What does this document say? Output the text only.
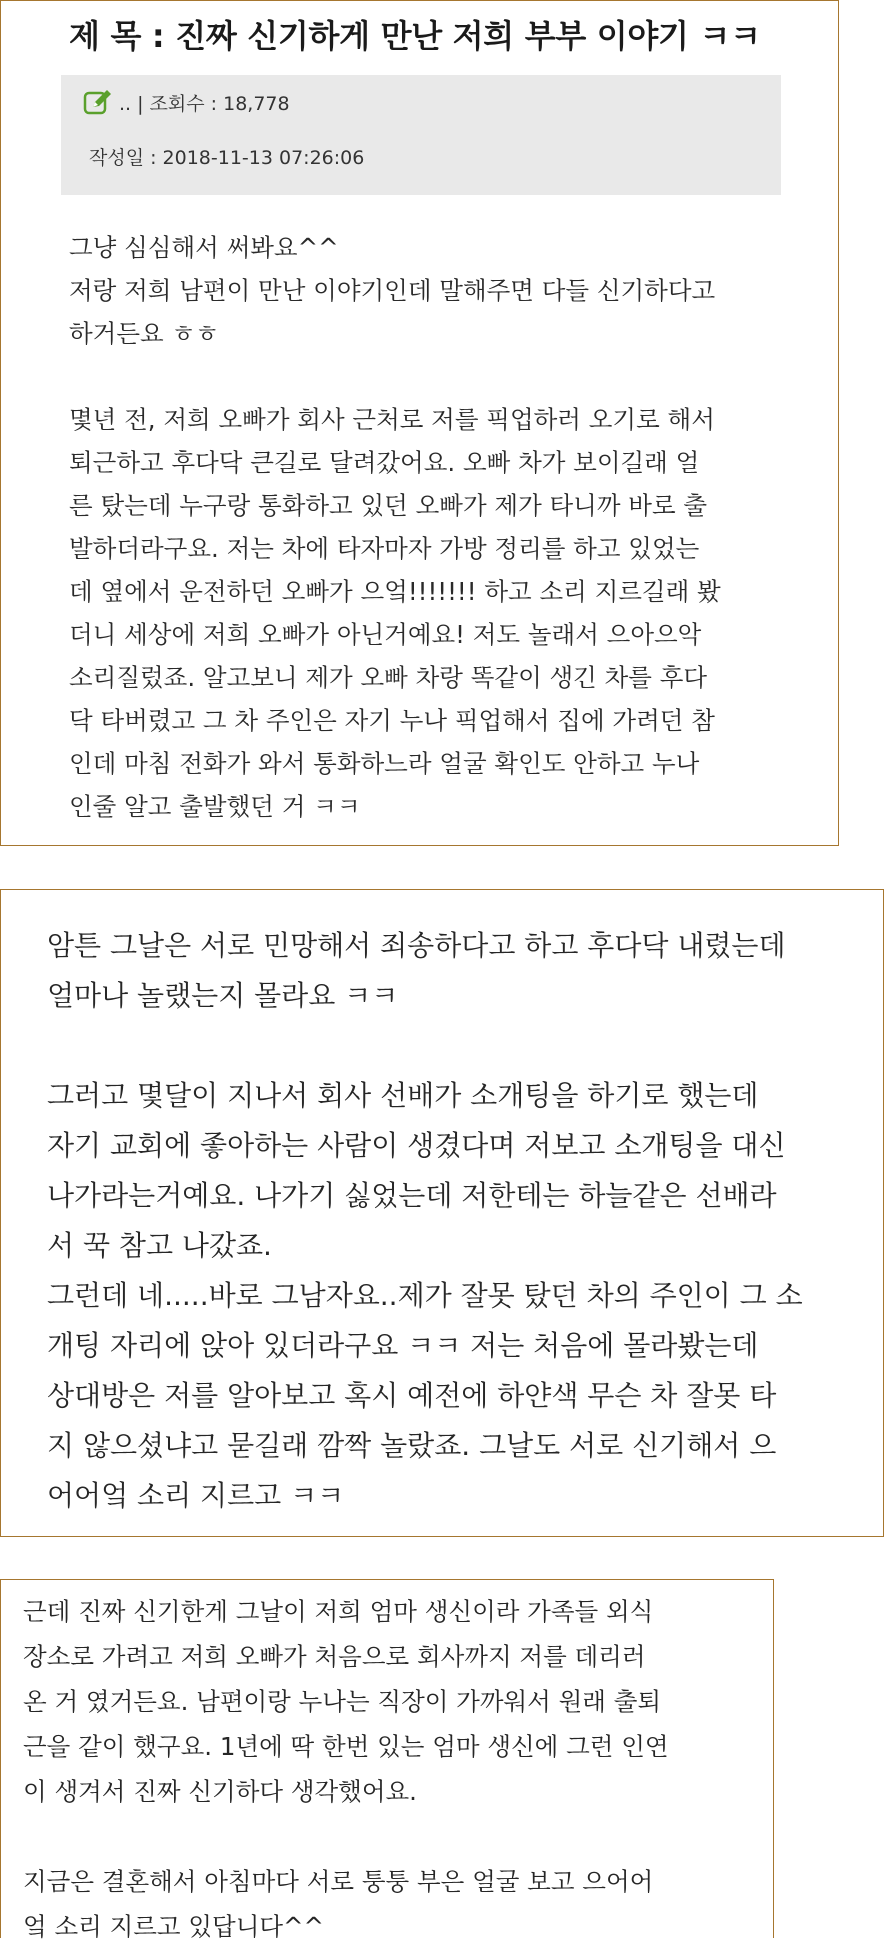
제 목 : 진짜 신기하게 만난 저희 부부 이야기 ㅋㅋ
.. | 조회수 : 18,778
작성일 : 2018-11-13 07:26:06

그냥 심심해서 써봐요^^

저랑 저희 남편이 만난 이야기인데 말해주면 다들 신기하다고

하거든요 ㅎㅎ

몇년 전, 저희 오빠가 회사 근처로 저를 픽업하러 오기로 해서

퇴근하고 후다닥 큰길로 달려갔어요. 오빠 차가 보이길래 얼

른 탔는데 누구랑 통화하고 있던 오빠가 제가 타니까 바로 출

발하더라구요. 저는 차에 타자마자 가방 정리를 하고 있었는

데 옆에서 운전하던 오빠가 으엌!!!!!!! 하고 소리 지르길래 봤

더니 세상에 저희 오빠가 아닌거예요! 저도 놀래서 으아으악

소리질렀죠. 알고보니 제가 오빠 차랑 똑같이 생긴 차를 후다

닥 타버렸고 그 차 주인은 자기 누나 픽업해서 집에 가려던 참

인데 마침 전화가 와서 통화하느라 얼굴 확인도 안하고 누나

인줄 알고 출발했던 거 ㅋㅋ

암튼 그날은 서로 민망해서 죄송하다고 하고 후다닥 내렸는데

얼마나 놀랬는지 몰라요 ㅋㅋ

그러고 몇달이 지나서 회사 선배가 소개팅을 하기로 했는데

자기 교회에 좋아하는 사람이 생겼다며 저보고 소개팅을 대신

나가라는거예요. 나가기 싫었는데 저한테는 하늘같은 선배라

서 꾹 참고 나갔죠.

그런데 네.....바로 그남자요..제가 잘못 탔던 차의 주인이 그 소

개팅 자리에 앉아 있더라구요 ㅋㅋ 저는 처음에 몰라봤는데

상대방은 저를 알아보고 혹시 예전에 하얀색 무슨 차 잘못 타

지 않으셨냐고 묻길래 깜짝 놀랐죠. 그날도 서로 신기해서 으

어어엌 소리 지르고 ㅋㅋ

근데 진짜 신기한게 그날이 저희 엄마 생신이라 가족들 외식

장소로 가려고 저희 오빠가 처음으로 회사까지 저를 데리러

온 거 였거든요. 남편이랑 누나는 직장이 가까워서 원래 출퇴

근을 같이 했구요. 1년에 딱 한번 있는 엄마 생신에 그런 인연

이 생겨서 진짜 신기하다 생각했어요.

지금은 결혼해서 아침마다 서로 퉁퉁 부은 얼굴 보고 으어어

엌 소리 지르고 있답니다^^
